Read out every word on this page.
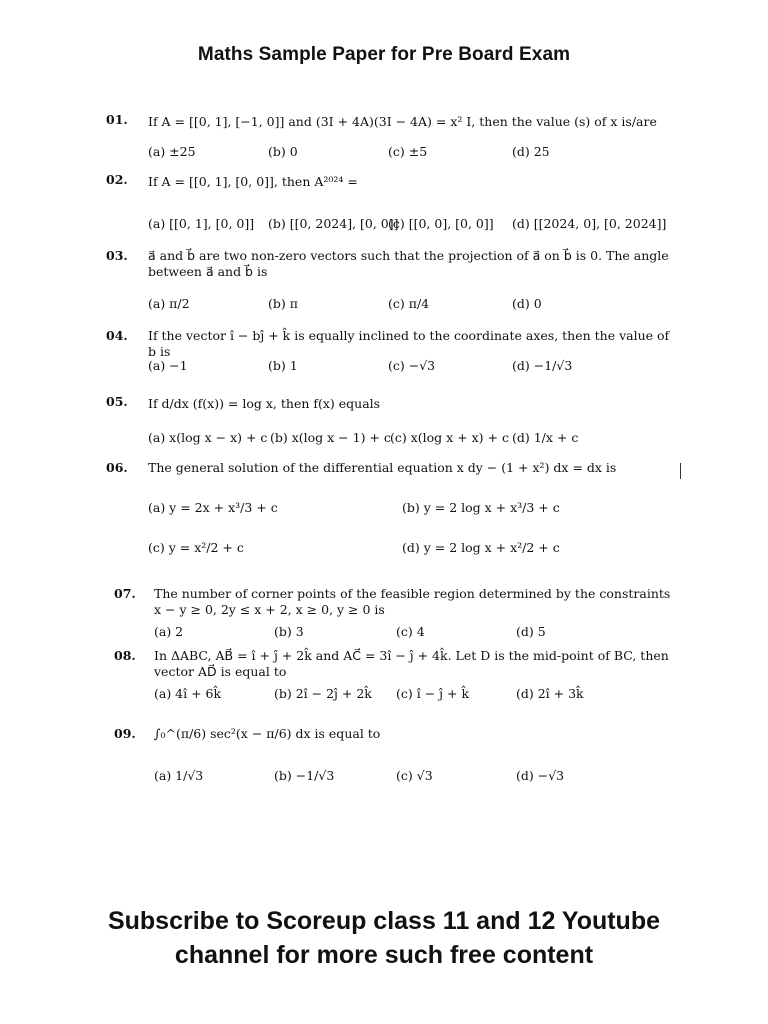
Maths Sample Paper for Pre Board Exam
01. If A = [[0, 1], [−1, 0]] and (3I + 4A)(3I − 4A) = x² I, then the value (s) of x is/are
(a) ±25	(b) 0	(c) ±5	(d) 25
02. If A = [[0, 1], [0, 0]], then A²⁰²⁴ =
(a) [[0, 1], [0, 0]] (b) [[0, 2024], [0, 0]]
(c) [[0, 0], [0, 0]] (d) [[2024, 0], [0, 2024]]
03. a⃗ and b⃗ are two non-zero vectors such that the projection of a⃗ on b⃗ is 0. The angle between a⃗ and b⃗ is
(a) π/2	(b) π	(c) π/4	(d) 0
04. If the vector î − bĵ + k̂ is equally inclined to the coordinate axes, then the value of b is
(a) −1	(b) 1	(c) −√3	(d) −1/√3
05. If d/dx (f(x)) = log x, then f(x) equals
(a) x(log x − x) + c (b) x(log x − 1) + c (c) x(log x + x) + c (d) 1/x + c
06. The general solution of the differential equation x dy − (1 + x²) dx = dx is
(a) y = 2x + x³/3 + c	(b) y = 2 log x + x³/3 + c
(c) y = x²/2 + c	(d) y = 2 log x + x²/2 + c
07. The number of corner points of the feasible region determined by the constraints x − y ≥ 0, 2y ≤ x + 2, x ≥ 0, y ≥ 0 is
(a) 2	(b) 3	(c) 4	(d) 5
08. In ΔABC, AB⃗ = î + ĵ + 2k̂ and AC⃗ = 3î − ĵ + 4k̂. Let D is the mid-point of BC, then vector AD⃗ is equal to
(a) 4î + 6k̂	(b) 2î − 2ĵ + 2k̂ (c) î − ĵ + k̂	(d) 2î + 3k̂
09. ∫₀^(π/6) sec²(x − π/6) dx is equal to
(a) 1/√3	(b) −1/√3	(c) √3	(d) −√3
Subscribe to Scoreup class 11 and 12 Youtube
channel for more such free content
